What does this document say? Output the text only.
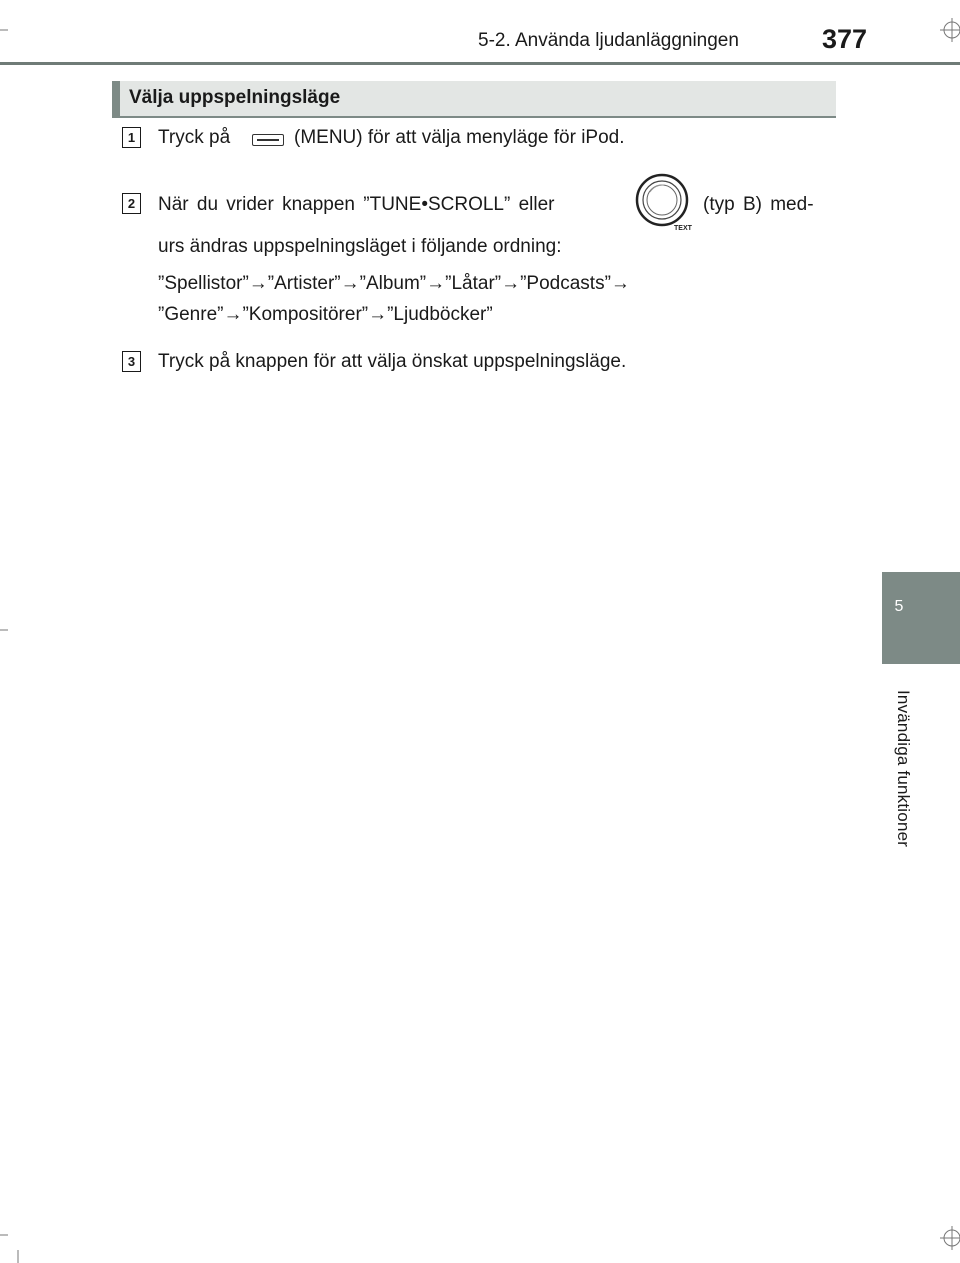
5-2. Använda ljudanläggningen	377
5
Invändiga funktioner
Välja uppspelningsläge
1	Tryck på	(MENU) för att välja menyläge för iPod.
2	När du vrider knappen ”TUNE•SCROLL” eller
TEXT
(typ B) med-
urs ändras uppspelningsläget i följande ordning:
”Spellistor”→”Artister”→”Album”→”Låtar”→”Podcasts”→
”Genre”→”Kompositörer”→”Ljudböcker”
3	Tryck på knappen för att välja önskat uppspelningsläge.
